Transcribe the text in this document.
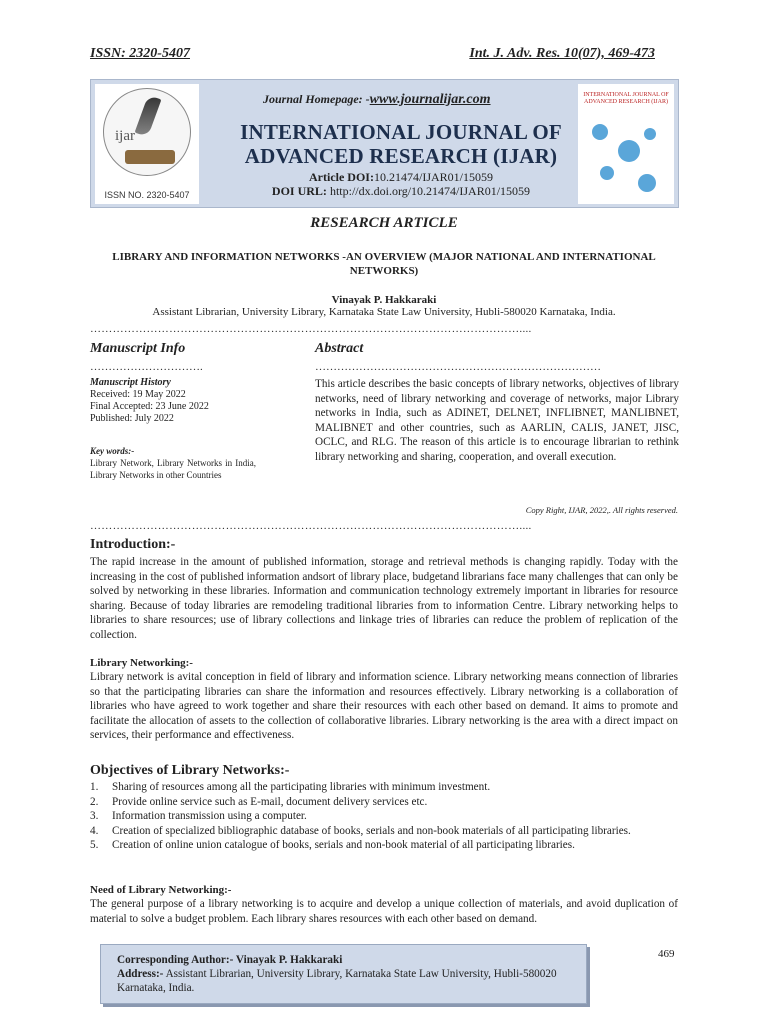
ISSN: 2320-5407	Int. J. Adv. Res. 10(07), 469-473
ijar
ISSN NO. 2320-5407
Journal Homepage: -www.journalijar.com
INTERNATIONAL JOURNAL OF
ADVANCED RESEARCH (IJAR)
Article DOI:10.21474/IJAR01/15059
DOI URL: http://dx.doi.org/10.21474/IJAR01/15059
INTERNATIONAL JOURNAL OF ADVANCED RESEARCH (IJAR)
RESEARCH ARTICLE
LIBRARY AND INFORMATION NETWORKS -AN OVERVIEW (MAJOR NATIONAL AND INTERNATIONAL NETWORKS)
Vinayak P. Hakkaraki
Assistant Librarian, University Library, Karnataka State Law University, Hubli-580020 Karnataka, India.
……………………………………………………………………………………………………....
Manuscript Info	Abstract
………………………….	……………………………………………………………………
Manuscript History
Received: 19 May 2022
Final Accepted: 23 June 2022
Published: July 2022
Key words:-
Library Network, Library Networks in India, Library Networks in other Countries
This article describes the basic concepts of library networks, objectives of library networks, need of library networking and coverage of networks, major Library networks in India, such as ADINET, DELNET, INFLIBNET, MANLIBNET, MALIBNET and other countries, such as AARLIN, CALIS, JANET, JISC, OCLC, and RLG. The reason of this article is to encourage librarian to rethink library networking and sharing, cooperation, and overall execution.
Copy Right, IJAR, 2022,. All rights reserved.
……………………………………………………………………………………………………....
Introduction:-
The rapid increase in the amount of published information, storage and retrieval methods is changing rapidly. Today with the increasing in the cost of published information andsort of library place, budgetand librarians face many challenges that can only be solved by networking in these libraries. Information and communication technology extremely important in libraries for resource sharing. Because of today libraries are remodeling traditional libraries from to information Centre. Library networking helps to libraries to share resources; use of library collections and linkage tries of libraries can reduce the problem of replication of the collection.
Library Networking:-
Library network is avital conception in field of library and information science. Library networking means connection of libraries so that the participating libraries can share the information and resources effectively. Library networking is a collaboration of libraries who have agreed to work together and share their resources with each other based on demand. It aims to promote and facilitate the allocation of assets to the collection of collaborative libraries. Library networking is the area with a direct impact on services, their performance and effectiveness.
Objectives of Library Networks:-
1.	Sharing of resources among all the participating libraries with minimum investment.
2.	Provide online service such as E-mail, document delivery services etc.
3.	Information transmission using a computer.
4.	Creation of specialized bibliographic database of books, serials and non-book materials of all participating libraries.
5.	Creation of online union catalogue of books, serials and non-book material of all participating libraries.
Need of Library Networking:-
The general purpose of a library networking is to acquire and develop a unique collection of materials, and avoid duplication of material to solve a budget problem. Each library shares resources with each other based on demand.
469
Corresponding Author:- Vinayak P. Hakkaraki
Address:- Assistant Librarian, University Library, Karnataka State Law University, Hubli-580020 Karnataka, India.
